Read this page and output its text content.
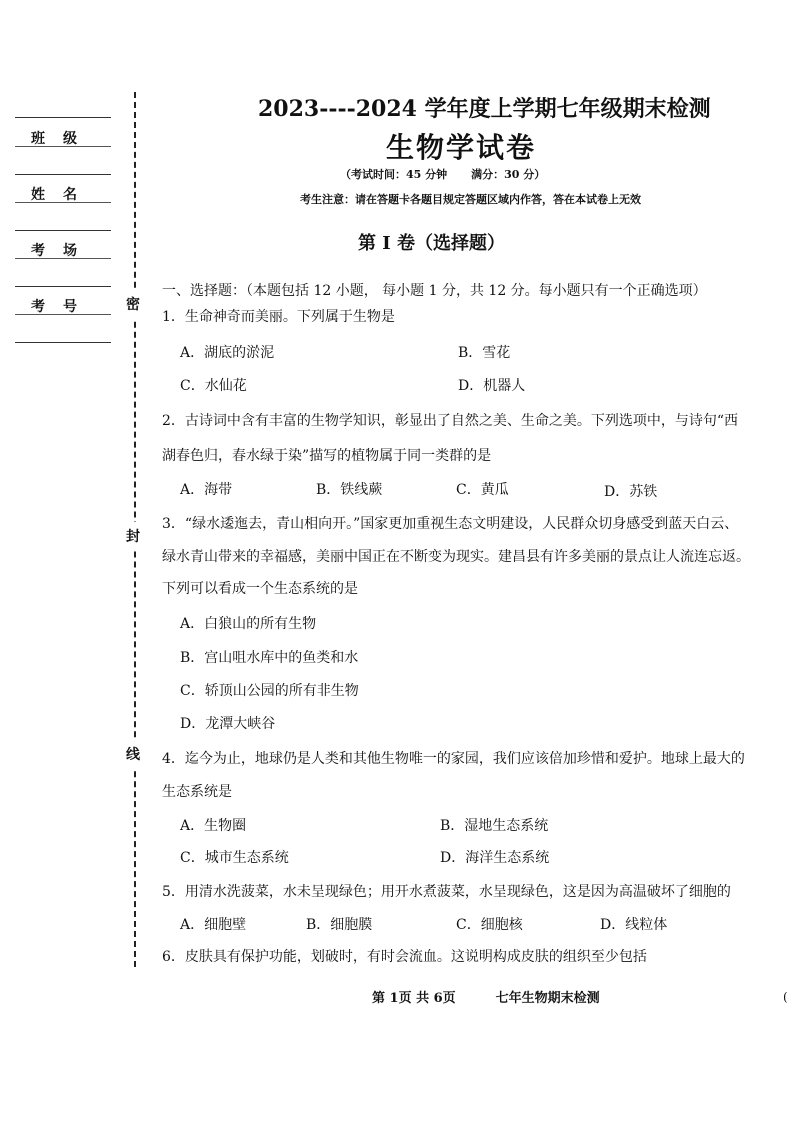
班级
姓名
考场
考号 密
封
线
2023----2024 学年度上学期七年级期末检测
生物学试卷
（考试时间：45 分钟 满分：30 分）
考生注意：请在答题卡各题目规定答题区域内作答，答在本试卷上无效
第 I 卷（选择题）
一、选择题：（本题包括 12 小题， 每小题 1 分，共 12 分。每小题只有一个正确选项）
1．生命神奇而美丽。下列属于生物是
A．湖底的淤泥	B．雪花
C．水仙花	D．机器人
2．古诗词中含有丰富的生物学知识，彰显出了自然之美、生命之美。下列选项中，与诗句“西
湖春色归，春水绿于染”描写的植物属于同一类群的是
A．海带	B．铁线蕨	C．黄瓜	D．苏铁
3．“绿水逶迤去，青山相向开。”国家更加重视生态文明建设，人民群众切身感受到蓝天白云、
绿水青山带来的幸福感，美丽中国正在不断变为现实。建昌县有许多美丽的景点让人流连忘返。
下列可以看成一个生态系统的是
A．白狼山的所有生物
B．宫山咀水库中的鱼类和水
C．轿顶山公园的所有非生物
D．龙潭大峡谷
4．迄今为止，地球仍是人类和其他生物唯一的家园，我们应该倍加珍惜和爱护。地球上最大的
生态系统是
A．生物圈	B．湿地生态系统
C．城市生态系统	D．海洋生态系统
5．用清水洗菠菜，水未呈现绿色；用开水煮菠菜，水呈现绿色，这是因为高温破坏了细胞的
A．细胞壁	B．细胞膜	C．细胞核	D．线粒体
6．皮肤具有保护功能，划破时，有时会流血。这说明构成皮肤的组织至少包括
第 1页 共 6页	七年生物期末检测	(
